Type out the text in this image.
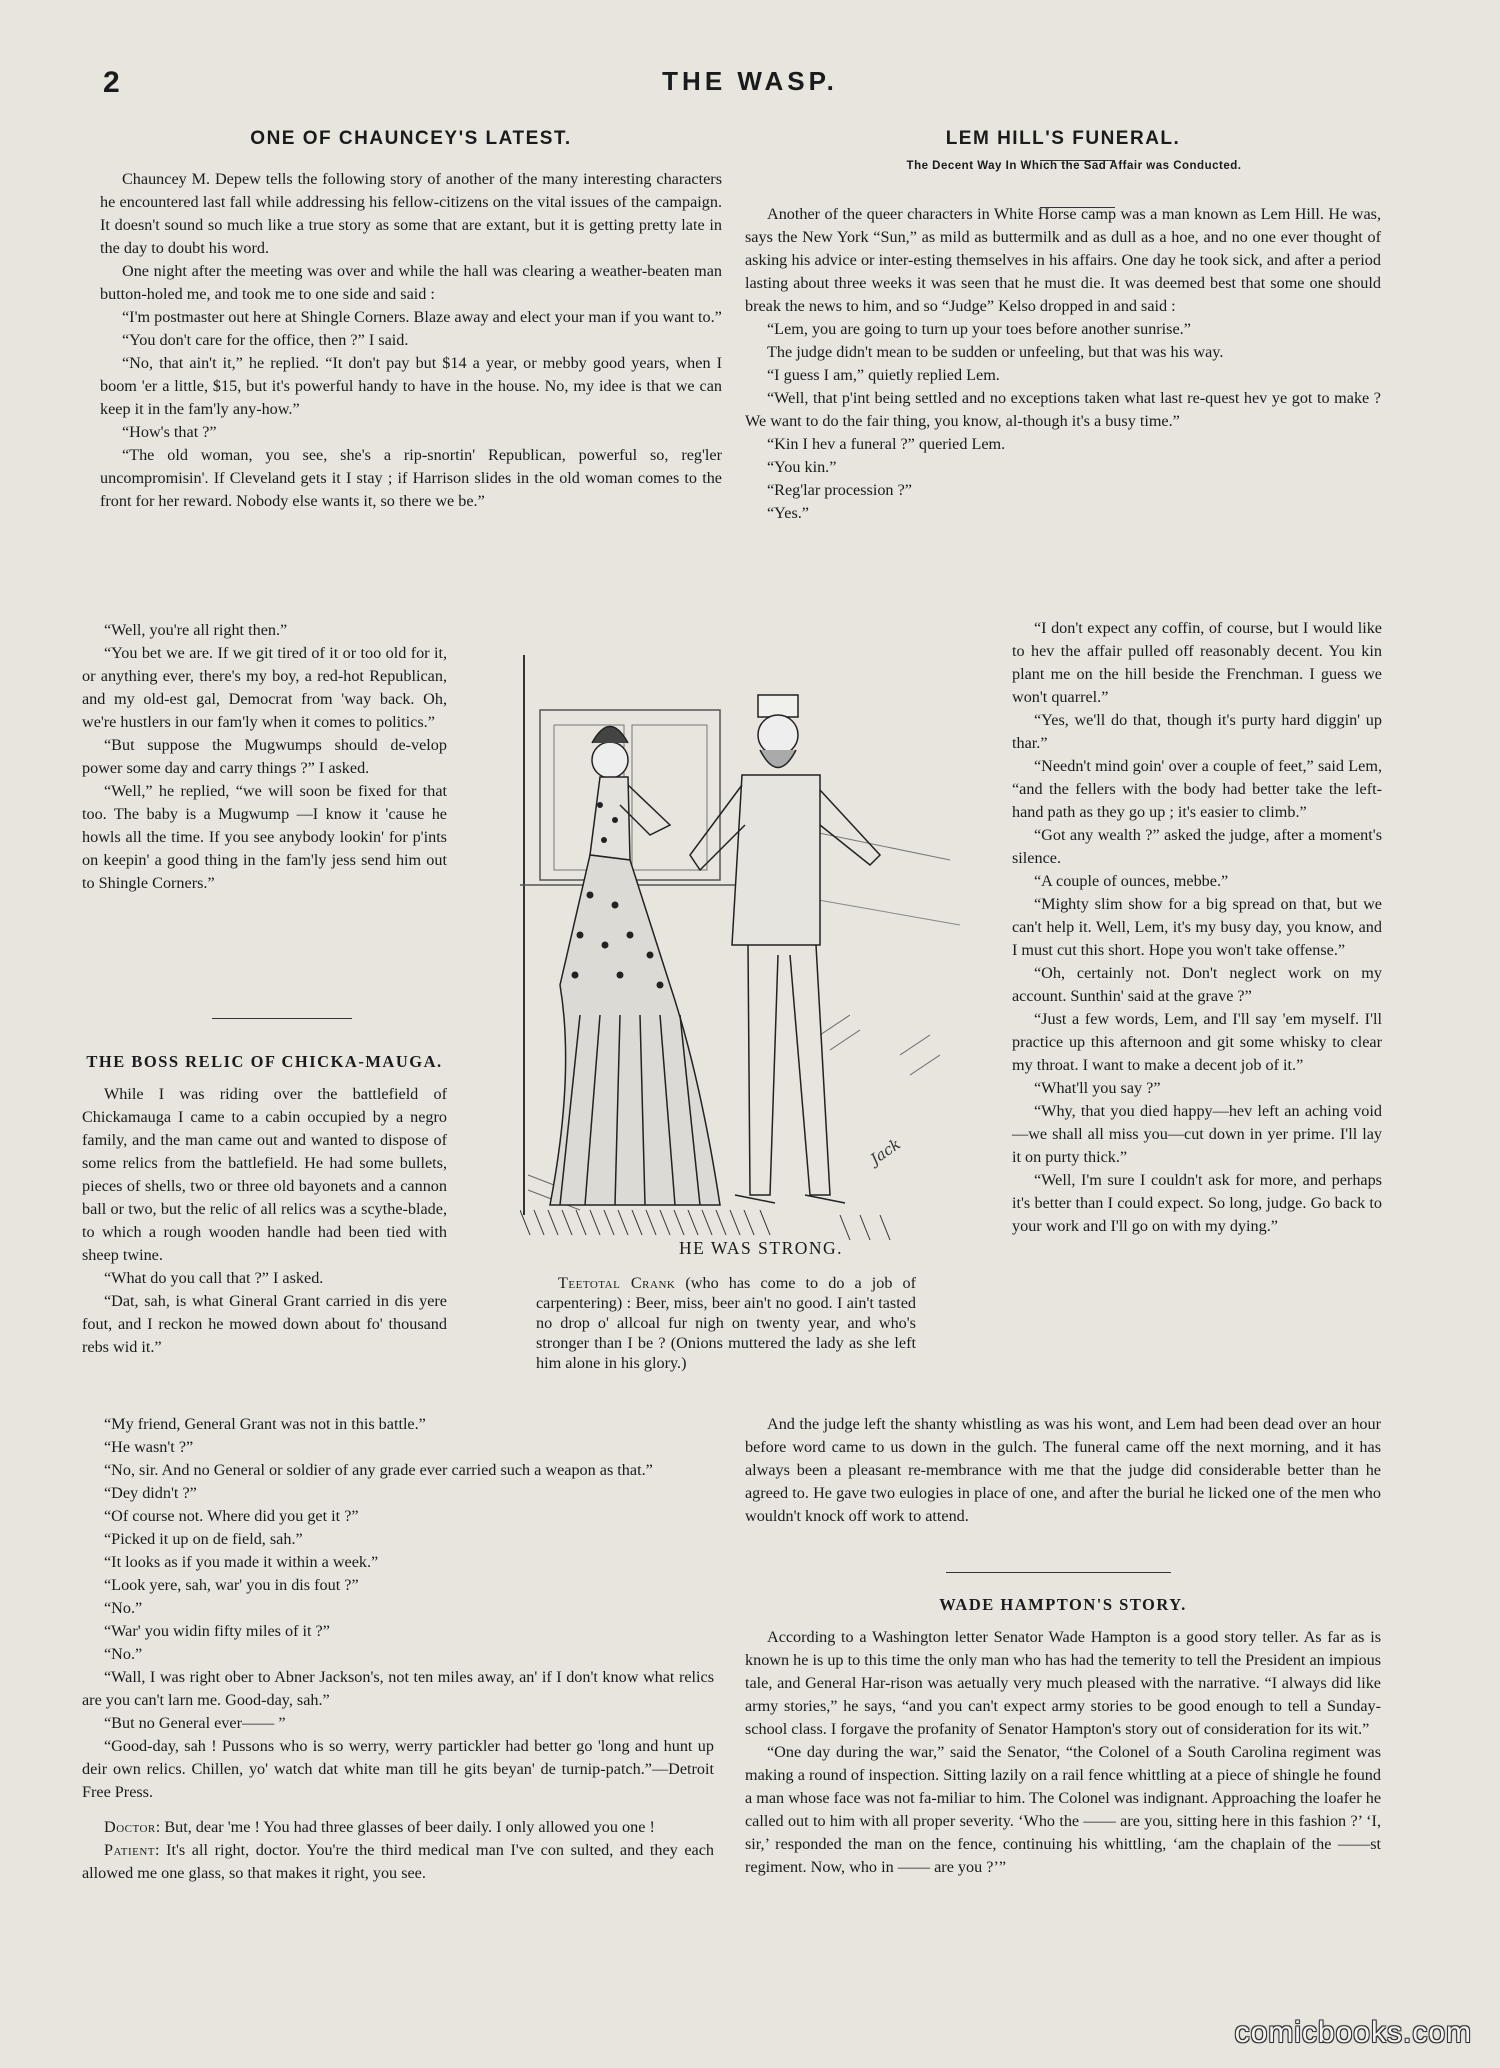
2	THE WASP.
ONE OF CHAUNCEY'S LATEST.

Chauncey M. Depew tells the following story of another of the many interesting characters he encountered last fall while addressing his fellow-citizens on the vital issues of the campaign. It doesn't sound so much like a true story as some that are extant, but it is getting pretty late in the day to doubt his word.

One night after the meeting was over and while the hall was clearing a weather-beaten man button-holed me, and took me to one side and said :

“I'm postmaster out here at Shingle Corners. Blaze away and elect your man if you want to.”

“You don't care for the office, then ?” I said.

“No, that ain't it,” he replied. “It don't pay but $14 a year, or mebby good years, when I boom 'er a little, $15, but it's powerful handy to have in the house. No, my idee is that we can keep it in the fam'ly any-how.”

“How's that ?”

“The old woman, you see, she's a rip-snortin' Republican, powerful so, reg'ler uncompromisin'. If Cleveland gets it I stay ; if Harrison slides in the old woman comes to the front for her reward. Nobody else wants it, so there we be.”

“Well, you're all right then.”

“You bet we are. If we git tired of it or too old for it, or anything ever, there's my boy, a red-hot Republican, and my old-est gal, Democrat from 'way back. Oh, we're hustlers in our fam'ly when it comes to politics.”

“But suppose the Mugwumps should de-velop power some day and carry things ?” I asked.

“Well,” he replied, “we will soon be fixed for that too. The baby is a Mugwump —I know it 'cause he howls all the time. If you see anybody lookin' for p'ints on keepin' a good thing in the fam'ly jess send him out to Shingle Corners.”

THE BOSS RELIC OF CHICKA-MAUGA.

While I was riding over the battlefield of Chickamauga I came to a cabin occupied by a negro family, and the man came out and wanted to dispose of some relics from the battlefield. He had some bullets, pieces of shells, two or three old bayonets and a cannon ball or two, but the relic of all relics was a scythe-blade, to which a rough wooden handle had been tied with sheep twine.

“What do you call that ?” I asked.

“Dat, sah, is what Gineral Grant carried in dis yere fout, and I reckon he mowed down about fo' thousand rebs wid it.”

“My friend, General Grant was not in this battle.”

“He wasn't ?”

“No, sir. And no General or soldier of any grade ever carried such a weapon as that.”

“Dey didn't ?”

“Of course not. Where did you get it ?”

“Picked it up on de field, sah.”

“It looks as if you made it within a week.”

“Look yere, sah, war' you in dis fout ?”

“No.”

“War' you widin fifty miles of it ?”

“No.”

“Wall, I was right ober to Abner Jackson's, not ten miles away, an' if I don't know what relics are you can't larn me. Good-day, sah.”

“But no General ever—— ”

“Good-day, sah ! Pussons who is so werry, werry partickler had better go 'long and hunt up deir own relics. Chillen, yo' watch dat white man till he gits beyan' de turnip-patch.”—Detroit Free Press.

Doctor: But, dear 'me ! You had three glasses of beer daily. I only allowed you one !

Patient: It's all right, doctor. You're the third medical man I've con sulted, and they each allowed me one glass, so that makes it right, you see.

LEM HILL'S FUNERAL.

The Decent Way In Which the Sad Affair was Conducted.

Another of the queer characters in White Horse camp was a man known as Lem Hill. He was, says the New York “Sun,” as mild as buttermilk and as dull as a hoe, and no one ever thought of asking his advice or inter-esting themselves in his affairs. One day he took sick, and after a period lasting about three weeks it was seen that he must die. It was deemed best that some one should break the news to him, and so “Judge” Kelso dropped in and said :

“Lem, you are going to turn up your toes before another sunrise.”

The judge didn't mean to be sudden or unfeeling, but that was his way.

“I guess I am,” quietly replied Lem.

“Well, that p'int being settled and no exceptions taken what last re-quest hev ye got to make ? We want to do the fair thing, you know, al-though it's a busy time.”

“Kin I hev a funeral ?” queried Lem.

“You kin.”

“Reg'lar procession ?”

“Yes.”

“I don't expect any coffin, of course, but I would like to hev the affair pulled off reasonably decent. You kin plant me on the hill beside the Frenchman. I guess we won't quarrel.”

“Yes, we'll do that, though it's purty hard diggin' up thar.”

“Needn't mind goin' over a couple of feet,” said Lem, “and the fellers with the body had better take the left-hand path as they go up ; it's easier to climb.”

“Got any wealth ?” asked the judge, after a moment's silence.

“A couple of ounces, mebbe.”

“Mighty slim show for a big spread on that, but we can't help it. Well, Lem, it's my busy day, you know, and I must cut this short. Hope you won't take offense.”

“Oh, certainly not. Don't neglect work on my account. Sunthin' said at the grave ?”

“Just a few words, Lem, and I'll say 'em myself. I'll practice up this afternoon and git some whisky to clear my throat. I want to make a decent job of it.”

“What'll you say ?”

“Why, that you died happy—hev left an aching void—we shall all miss you—cut down in yer prime. I'll lay it on purty thick.”

“Well, I'm sure I couldn't ask for more, and perhaps it's better than I could expect. So long, judge. Go back to your work and I'll go on with my dying.”

And the judge left the shanty whistling as was his wont, and Lem had been dead over an hour before word came to us down in the gulch. The funeral came off the next morning, and it has always been a pleasant re-membrance with me that the judge did considerable better than he agreed to. He gave two eulogies in place of one, and after the burial he licked one of the men who wouldn't knock off work to attend.

WADE HAMPTON'S STORY.

According to a Washington letter Senator Wade Hampton is a good story teller. As far as is known he is up to this time the only man who has had the temerity to tell the President an impious tale, and General Har-rison was aetually very much pleased with the narrative. “I always did like army stories,” he says, “and you can't expect army stories to be good enough to tell a Sunday-school class. I forgave the profanity of Senator Hampton's story out of consideration for its wit.”

“One day during the war,” said the Senator, “the Colonel of a South Carolina regiment was making a round of inspection. Sitting lazily on a rail fence whittling at a piece of shingle he found a man whose face was not fa-miliar to him. The Colonel was indignant. Approaching the loafer he called out to him with all proper severity. ‘Who the —— are you, sitting here in this fashion ?’ ‘I, sir,’ responded the man on the fence, continuing his whittling, ‘am the chaplain of the ——st regiment. Now, who in —— are you ?’”

Jack
HE WAS STRONG.

Teetotal Crank (who has come to do a job of carpentering) : Beer, miss, beer ain't no good. I ain't tasted no drop o' allcoal fur nigh on twenty year, and who's stronger than I be ? (Onions muttered the lady as she left him alone in his glory.)

comicbooks.com
